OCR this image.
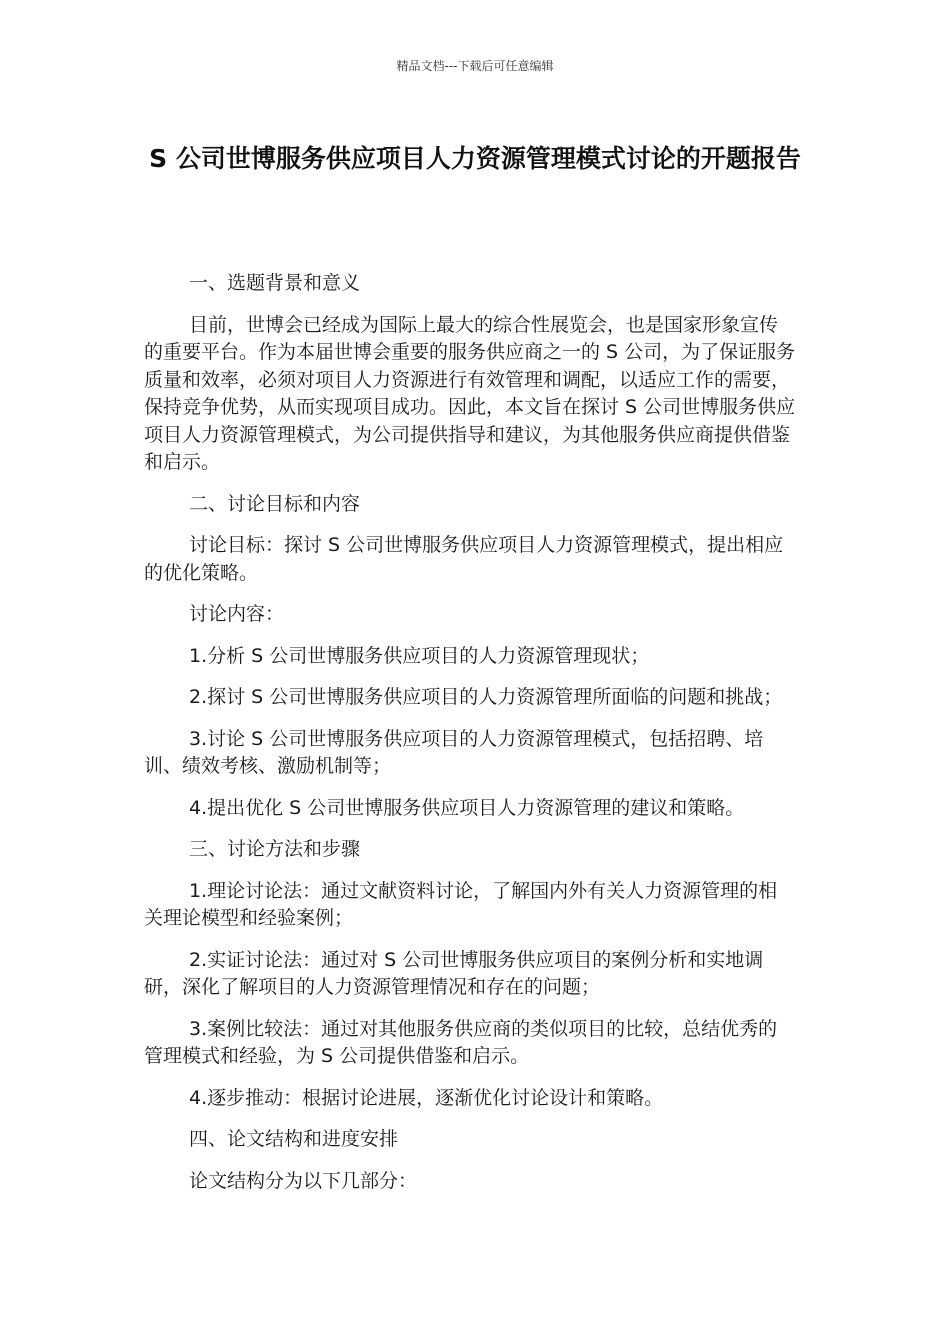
精品文档---下载后可任意编辑
S 公司世博服务供应项目人力资源管理模式讨论的开题报告

一、选题背景和意义

目前，世博会已经成为国际上最大的综合性展览会，也是国家形象宣传的重要平台。作为本届世博会重要的服务供应商之一的 S 公司，为了保证服务质量和效率，必须对项目人力资源进行有效管理和调配，以适应工作的需要，保持竞争优势，从而实现项目成功。因此，本文旨在探讨 S 公司世博服务供应项目人力资源管理模式，为公司提供指导和建议，为其他服务供应商提供借鉴和启示。

二、讨论目标和内容

讨论目标：探讨 S 公司世博服务供应项目人力资源管理模式，提出相应的优化策略。

讨论内容：

1.分析 S 公司世博服务供应项目的人力资源管理现状；

2.探讨 S 公司世博服务供应项目的人力资源管理所面临的问题和挑战；

3.讨论 S 公司世博服务供应项目的人力资源管理模式，包括招聘、培训、绩效考核、激励机制等；

4.提出优化 S 公司世博服务供应项目人力资源管理的建议和策略。

三、讨论方法和步骤

1.理论讨论法：通过文献资料讨论，了解国内外有关人力资源管理的相关理论模型和经验案例；

2.实证讨论法：通过对 S 公司世博服务供应项目的案例分析和实地调研，深化了解项目的人力资源管理情况和存在的问题；

3.案例比较法：通过对其他服务供应商的类似项目的比较，总结优秀的管理模式和经验，为 S 公司提供借鉴和启示。

4.逐步推动：根据讨论进展，逐渐优化讨论设计和策略。

四、论文结构和进度安排

论文结构分为以下几部分：
